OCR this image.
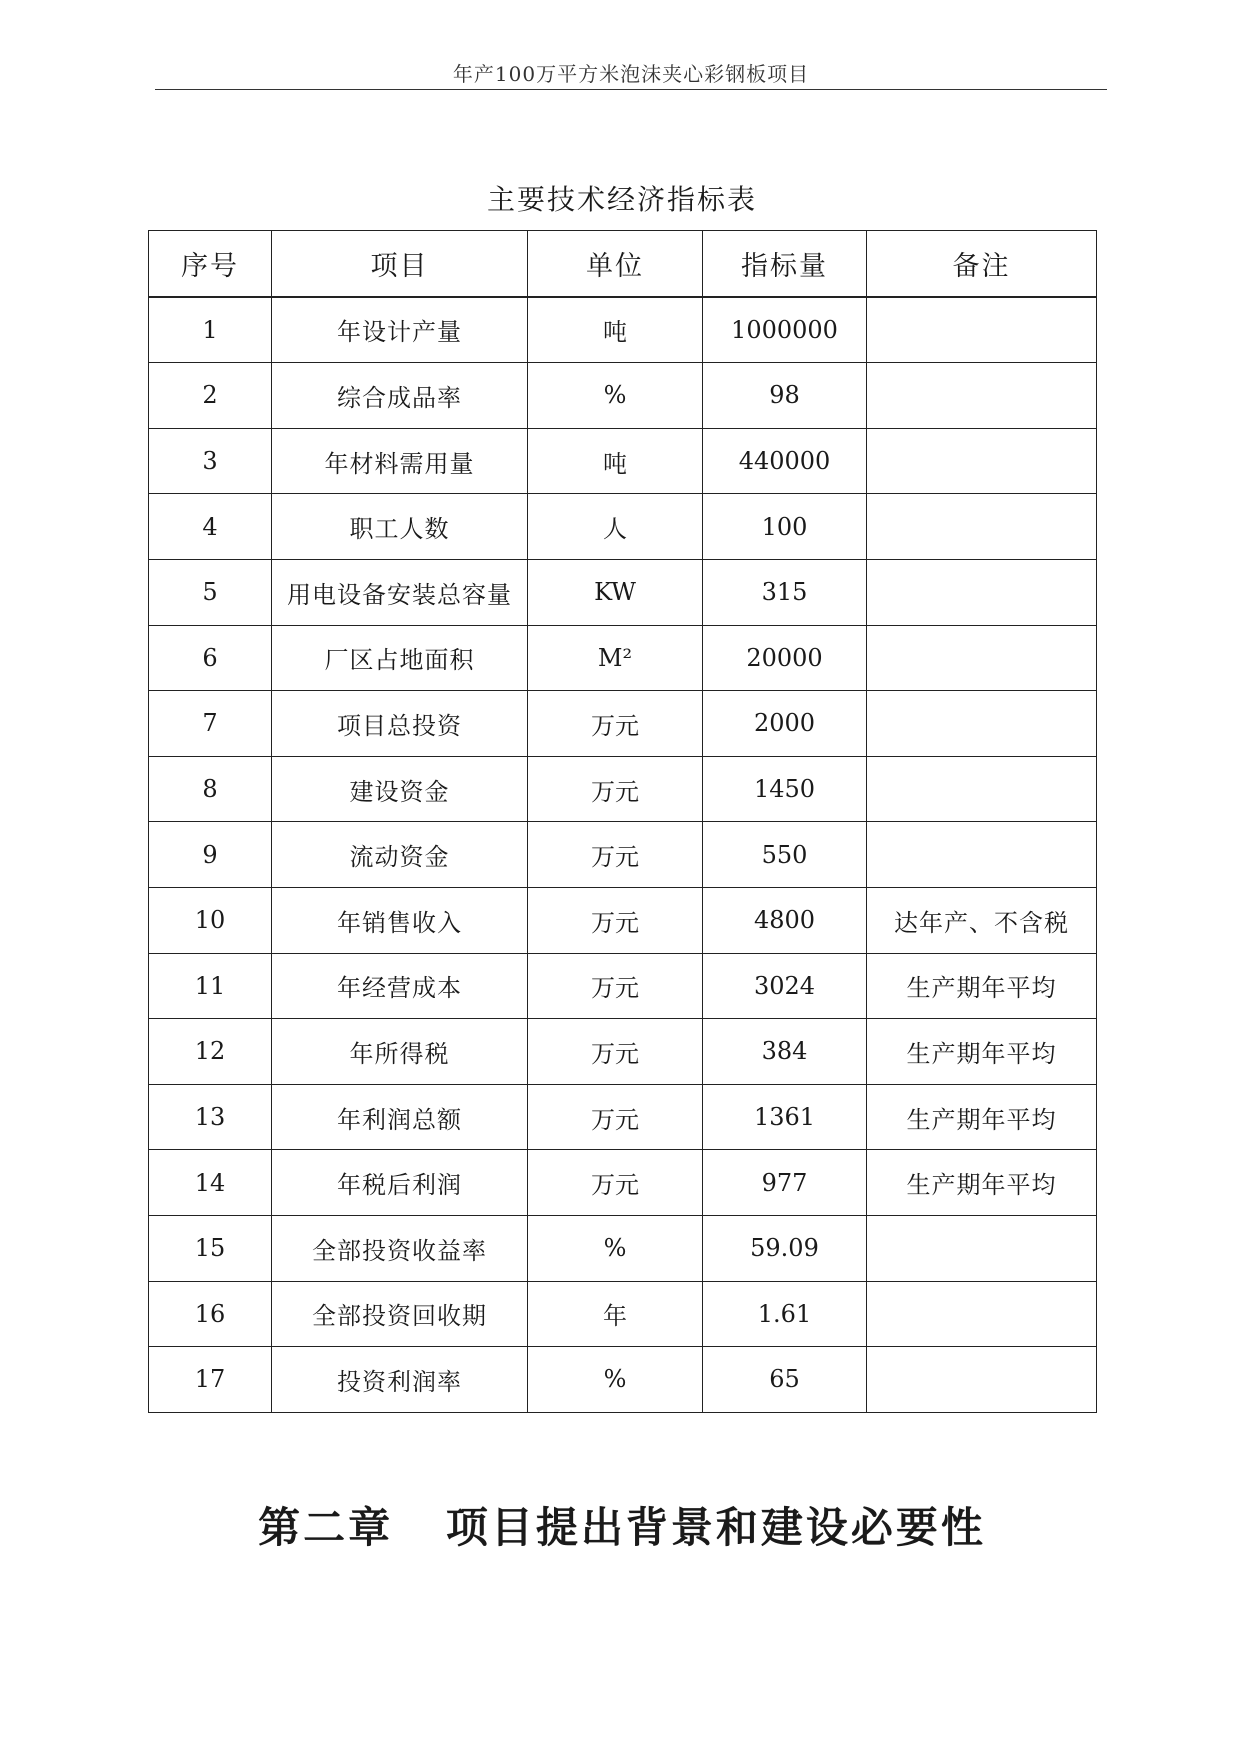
年产100万平方米泡沫夹心彩钢板项目
主要技术经济指标表
序号	项目	单位	指标量	备注
1	年设计产量	吨	1000000	
2	综合成品率	%	98	
3	年材料需用量	吨	440000	
4	职工人数	人	100	
5	用电设备安装总容量	KW	315	
6	厂区占地面积	M²	20000	
7	项目总投资	万元	2000	
8	建设资金	万元	1450	
9	流动资金	万元	550	
10	年销售收入	万元	4800	达年产、不含税
11	年经营成本	万元	3024	生产期年平均
12	年所得税	万元	384	生产期年平均
13	年利润总额	万元	1361	生产期年平均
14	年税后利润	万元	977	生产期年平均
15	全部投资收益率	%	59.09	
16	全部投资回收期	年	1.61	
17	投资利润率	%	65	
第二章   项目提出背景和建设必要性
